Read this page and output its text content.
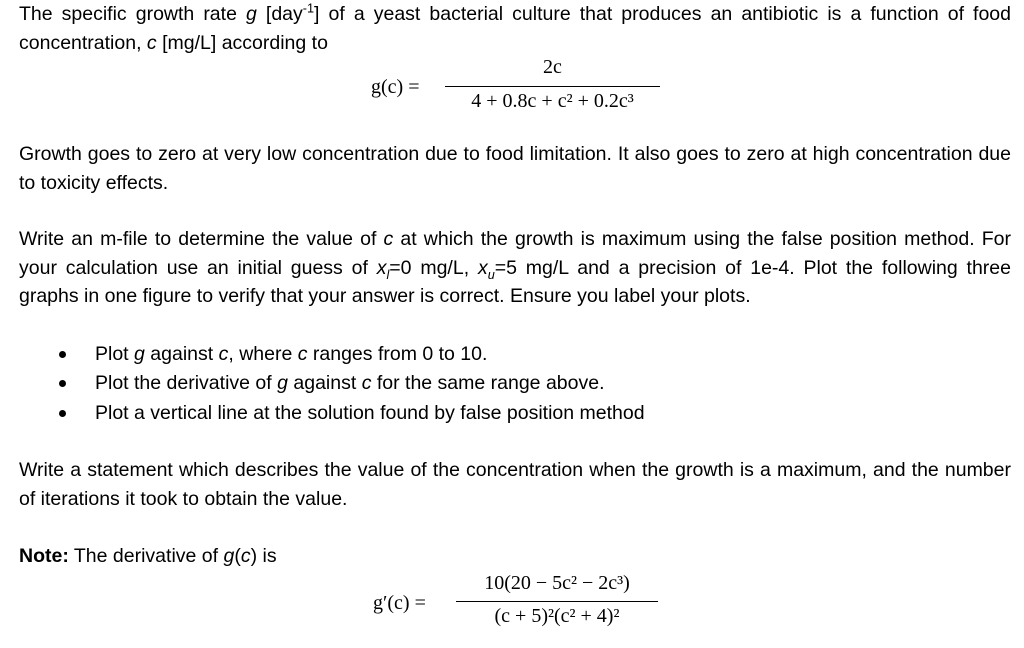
The specific growth rate g [day$^{-1}$] of a yeast bacterial culture that produces an antibiotic is a function of food concentration, c [mg/L] according to
g(c) =
2c
4 + 0.8c + c² + 0.2c³
Growth goes to zero at very low concentration due to food limitation. It also goes to zero at high concentration due to toxicity effects.
Write an m-file to determine the value of c at which the growth is maximum using the false position method. For your calculation use an initial guess of $x_l=0$ mg/L, $x_u=5$ mg/L and a precision of 1e-4. Plot the following three graphs in one figure to verify that your answer is correct. Ensure you label your plots.
Plot g against c, where c ranges from 0 to 10.
Plot the derivative of g against c for the same range above.
Plot a vertical line at the solution found by false position method
Write a statement which describes the value of the concentration when the growth is a maximum, and the number of iterations it took to obtain the value.
Note: The derivative of g(c) is
g′(c) =
10(20 − 5c² − 2c³)
(c + 5)²(c² + 4)²
